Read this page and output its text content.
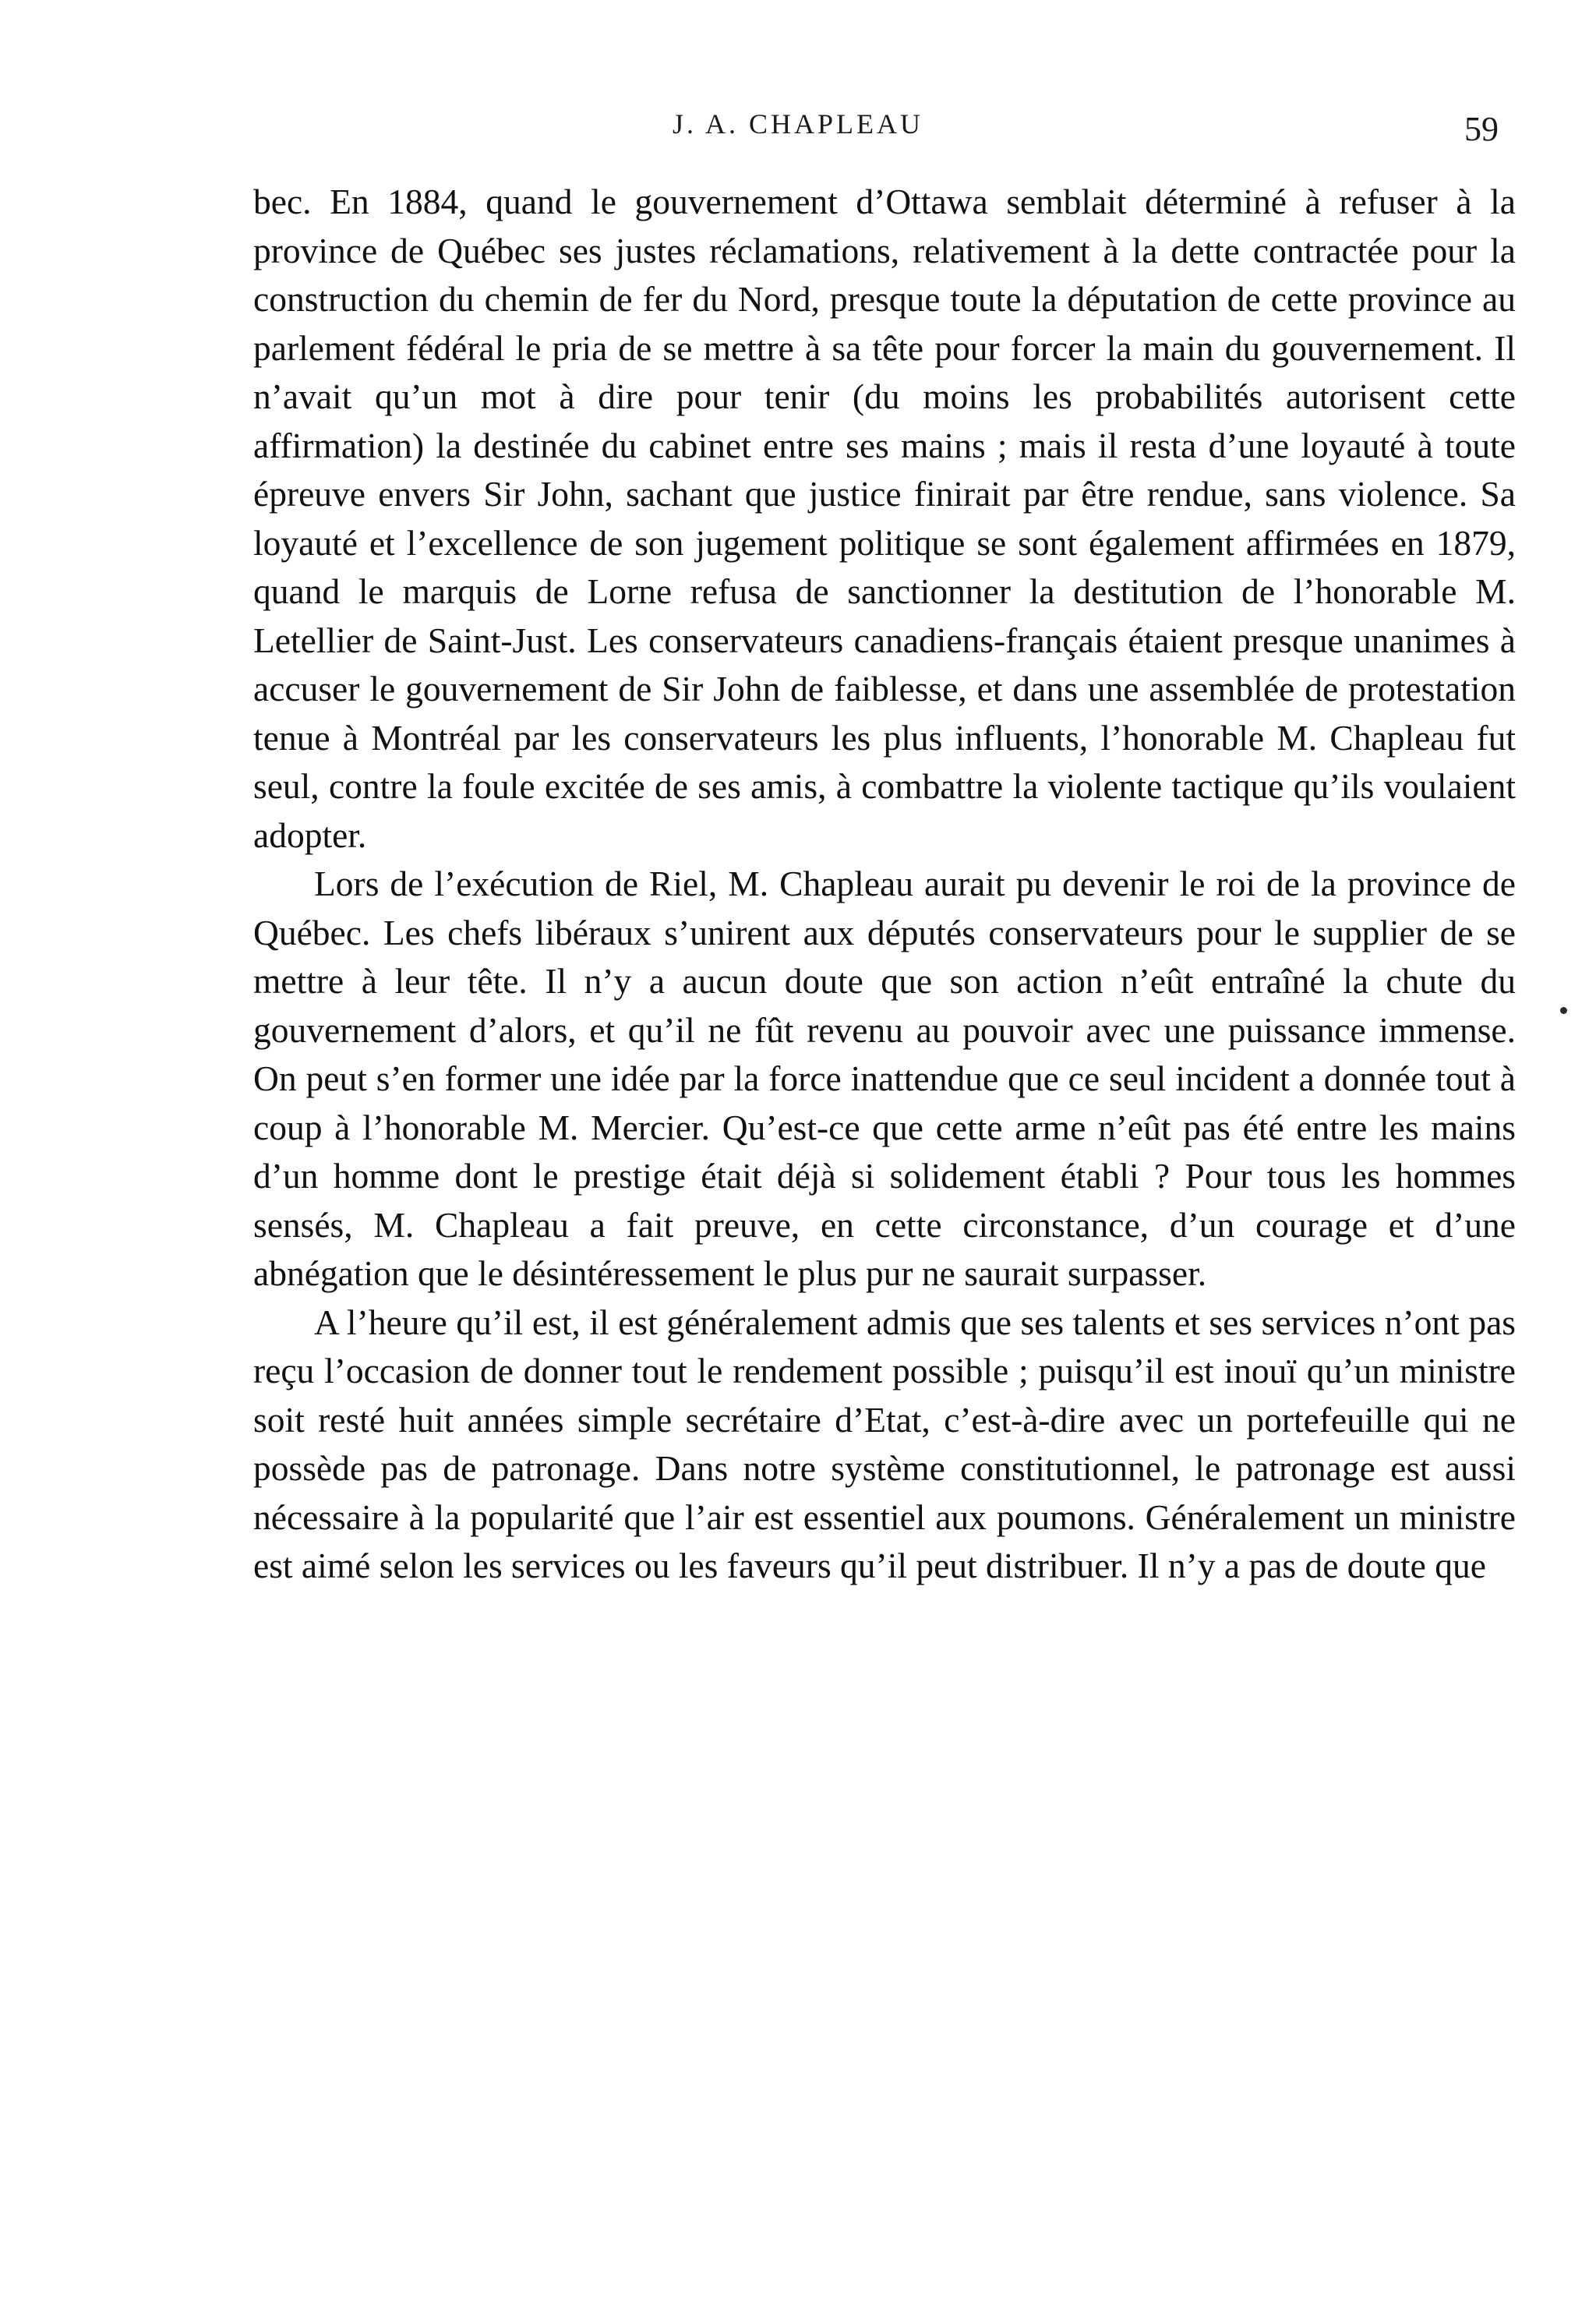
J. A. CHAPLEAU	59

bec. En 1884, quand le gouvernement d’Ottawa semblait déterminé à refuser à la province de Québec ses justes réclamations, relativement à la dette contractée pour la construction du chemin de fer du Nord, presque toute la députation de cette province au parlement fédéral le pria de se mettre à sa tête pour forcer la main du gouvernement. Il n’avait qu’un mot à dire pour tenir (du moins les probabilités autorisent cette affirmation) la destinée du cabinet entre ses mains ; mais il resta d’une loyauté à toute épreuve envers Sir John, sachant que justice finirait par être rendue, sans violence. Sa loyauté et l’excellence de son jugement politique se sont également affirmées en 1879, quand le marquis de Lorne refusa de sanctionner la destitution de l’honorable M. Letellier de Saint-Just. Les conservateurs canadiens-français étaient presque unanimes à accuser le gouvernement de Sir John de faiblesse, et dans une assemblée de protestation tenue à Montréal par les conservateurs les plus influents, l’honorable M. Chapleau fut seul, contre la foule excitée de ses amis, à combattre la violente tactique qu’ils voulaient adopter.

Lors de l’exécution de Riel, M. Chapleau aurait pu devenir le roi de la province de Québec. Les chefs libéraux s’unirent aux députés conservateurs pour le supplier de se mettre à leur tête. Il n’y a aucun doute que son action n’eût entraîné la chute du gouvernement d’alors, et qu’il ne fût revenu au pouvoir avec une puissance immense. On peut s’en former une idée par la force inattendue que ce seul incident a donnée tout à coup à l’honorable M. Mercier. Qu’est-ce que cette arme n’eût pas été entre les mains d’un homme dont le prestige était déjà si solidement établi ? Pour tous les hommes sensés, M. Chapleau a fait preuve, en cette circonstance, d’un courage et d’une abnégation que le désintéressement le plus pur ne saurait surpasser.

A l’heure qu’il est, il est généralement admis que ses talents et ses services n’ont pas reçu l’occasion de donner tout le rendement possible ; puisqu’il est inouï qu’un ministre soit resté huit années simple secrétaire d’Etat, c’est-à-dire avec un portefeuille qui ne possède pas de patronage. Dans notre système constitutionnel, le patronage est aussi nécessaire à la popularité que l’air est essentiel aux poumons. Généralement un ministre est aimé selon les services ou les faveurs qu’il peut distribuer. Il n’y a pas de doute que
